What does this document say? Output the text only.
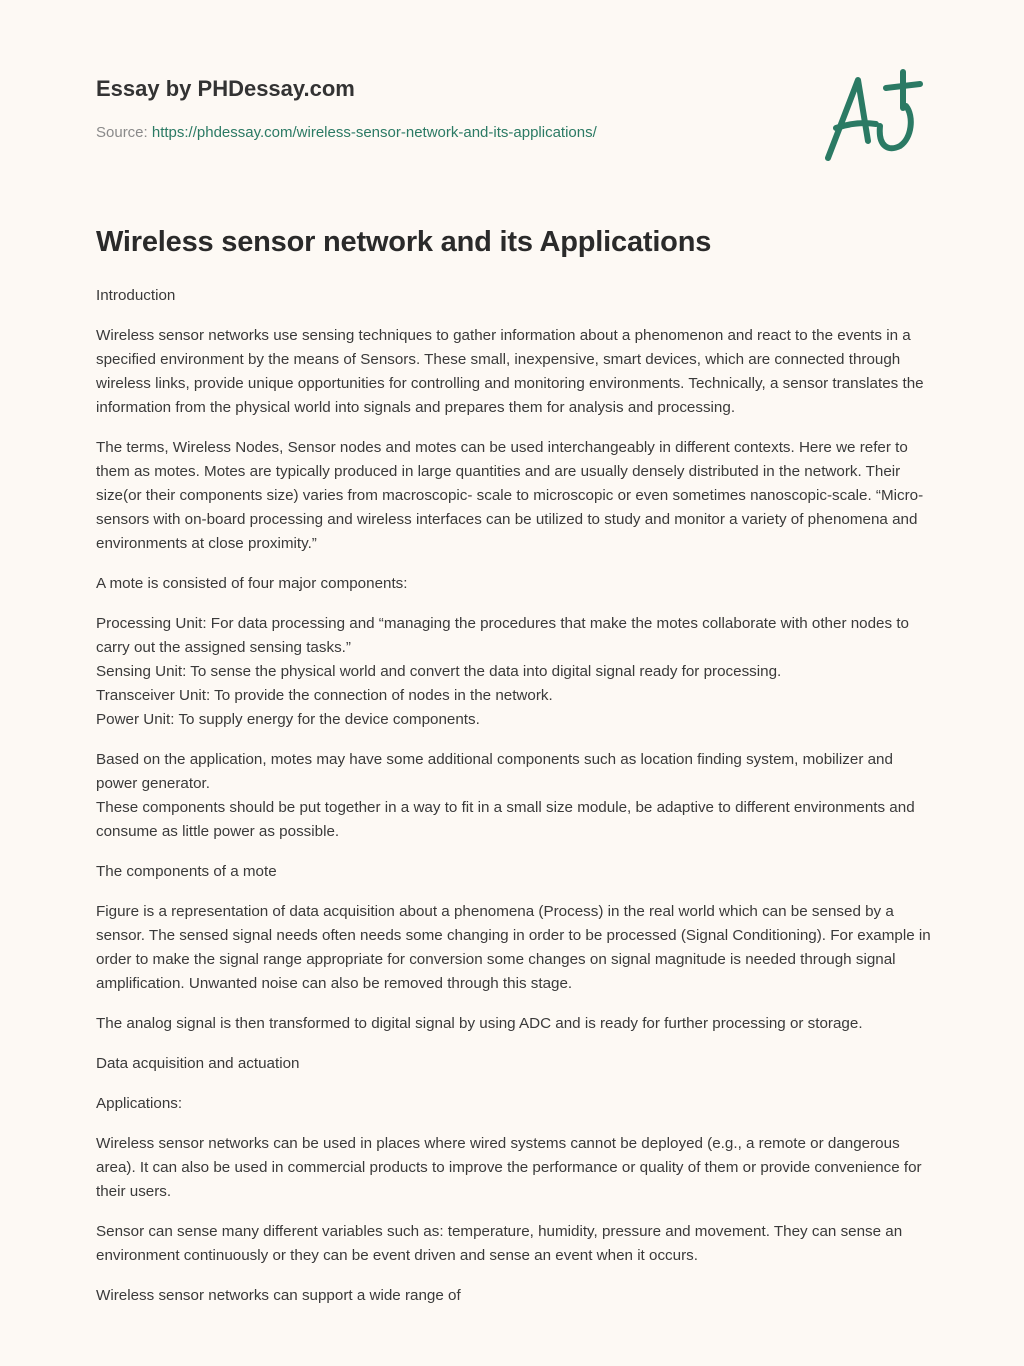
Essay by PHDessay.com
Source: https://phdessay.com/wireless-sensor-network-and-its-applications/
Wireless sensor network and its Applications

Introduction

Wireless sensor networks use sensing techniques to gather information about a phenomenon and react to the events in a specified environment by the means of Sensors. These small, inexpensive, smart devices, which are connected through wireless links, provide unique opportunities for controlling and monitoring environments. Technically, a sensor translates the information from the physical world into signals and prepares them for analysis and processing.

The terms, Wireless Nodes, Sensor nodes and motes can be used interchangeably in different contexts. Here we refer to them as motes. Motes are typically produced in large quantities and are usually densely distributed in the network. Their size(or their components size) varies from macroscopic- scale to microscopic or even sometimes nanoscopic-scale. “Micro-sensors with on-board processing and wireless interfaces can be utilized to study and monitor a variety of phenomena and environments at close proximity.”

A mote is consisted of four major components:

Processing Unit: For data processing and “managing the procedures that make the motes collaborate with other nodes to carry out the assigned sensing tasks.”
Sensing Unit: To sense the physical world and convert the data into digital signal ready for processing.
Transceiver Unit: To provide the connection of nodes in the network.
Power Unit: To supply energy for the device components.

Based on the application, motes may have some additional components such as location finding system, mobilizer and power generator.
These components should be put together in a way to fit in a small size module, be adaptive to different environments and consume as little power as possible.

The components of a mote

Figure is a representation of data acquisition about a phenomena (Process) in the real world which can be sensed by a sensor. The sensed signal needs often needs some changing in order to be processed (Signal Conditioning). For example in order to make the signal range appropriate for conversion some changes on signal magnitude is needed through signal amplification. Unwanted noise can also be removed through this stage.

The analog signal is then transformed to digital signal by using ADC and is ready for further processing or storage.

Data acquisition and actuation

Applications:

Wireless sensor networks can be used in places where wired systems cannot be deployed (e.g., a remote or dangerous area). It can also be used in commercial products to improve the performance or quality of them or provide convenience for their users.

Sensor can sense many different variables such as: temperature, humidity, pressure and movement. They can sense an environment continuously or they can be event driven and sense an event when it occurs.

Wireless sensor networks can support a wide range of
